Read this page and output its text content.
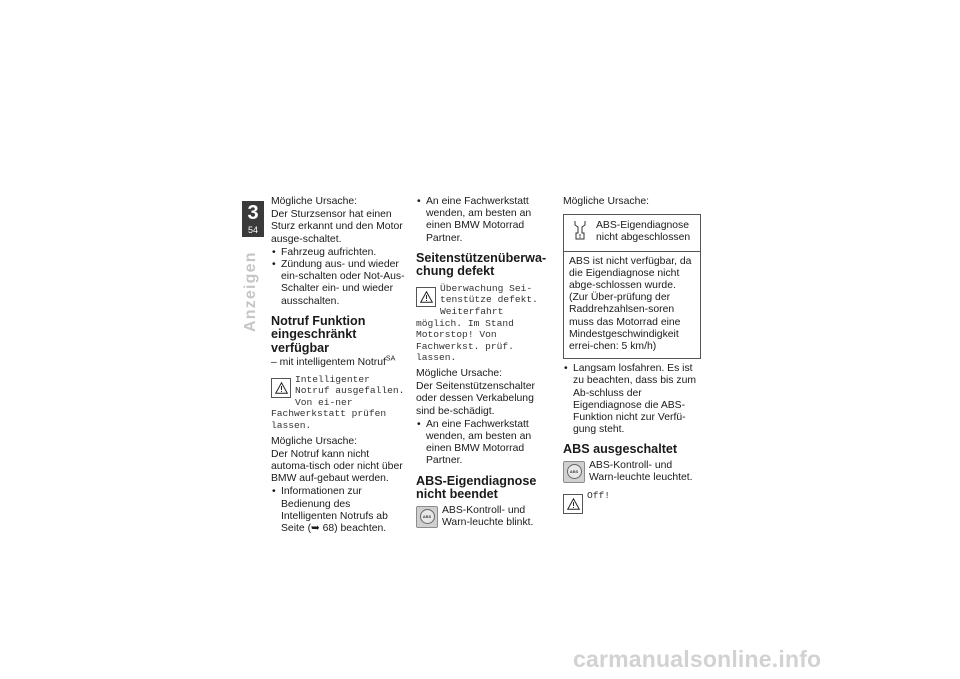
3
54
Anzeigen

Mögliche Ursache:

Der Sturzsensor hat einen Sturz erkannt und den Motor ausge-schaltet.

• Fahrzeug aufrichten.

• Zündung aus- und wieder ein-schalten oder Not-Aus-Schalter ein- und wieder ausschalten.

Notruf Funktion eingeschränkt verfügbar

– mit intelligentem Notruf$^{SA}$

Intelligenter Notruf ausgefallen. Von ei-ner Fachwerkstatt prüfen lassen.

Mögliche Ursache:

Der Notruf kann nicht automa-tisch oder nicht über BMW auf-gebaut werden.

• Informationen zur Bedienung des Intelligenten Notrufs ab Seite (➥ 68) beachten.

• An eine Fachwerkstatt wenden, am besten an einen BMW Motorrad Partner.

Seitenstützenüberwa-chung defekt
Überwachung Sei-tenstütze defekt. Weiterfahrt möglich. Im Stand Motorstop! Von Fachwerkst. prüf. lassen.

Mögliche Ursache:

Der Seitenstützenschalter oder dessen Verkabelung sind be-schädigt.

• An eine Fachwerkstatt wenden, am besten an einen BMW Motorrad Partner.

ABS-Eigendiagnose nicht beendet
ABS
ABS-Kontroll- und Warn-leuchte blinkt.

Mögliche Ursache:

ABS-Eigendiagnose nicht abgeschlossen
ABS ist nicht verfügbar, da die Eigendiagnose nicht abge-schlossen wurde. (Zur Über-prüfung der Raddrehzahlsen-soren muss das Motorrad eine Mindestgeschwindigkeit errei-chen: 5 km/h)

• Langsam losfahren. Es ist zu beachten, dass bis zum Ab-schluss der Eigendiagnose die ABS-Funktion nicht zur Verfü-gung steht.

ABS ausgeschaltet
ABS
ABS-Kontroll- und Warn-leuchte leuchtet.
Off!
carmanualsonline.info
